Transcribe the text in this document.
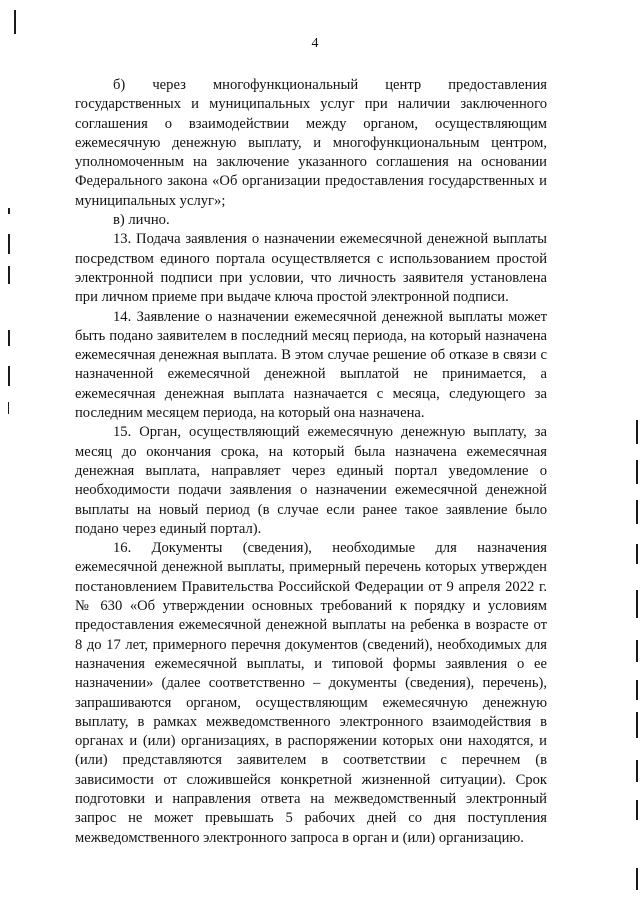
4

б) через многофункциональный центр предоставления государственных и муниципальных услуг при наличии заключенного соглашения о взаимодействии между органом, осуществляющим ежемесячную денежную выплату, и многофункциональным центром, уполномоченным на заключение указанного соглашения на основании Федерального закона «Об организации предоставления государственных и муниципальных услуг»;

в) лично.

13. Подача заявления о назначении ежемесячной денежной выплаты посредством единого портала осуществляется с использованием простой электронной подписи при условии, что личность заявителя установлена при личном приеме при выдаче ключа простой электронной подписи.

14. Заявление о назначении ежемесячной денежной выплаты может быть подано заявителем в последний месяц периода, на который назначена ежемесячная денежная выплата. В этом случае решение об отказе в связи с назначенной ежемесячной денежной выплатой не принимается, а ежемесячная денежная выплата назначается с месяца, следующего за последним месяцем периода, на который она назначена.

15. Орган, осуществляющий ежемесячную денежную выплату, за месяц до окончания срока, на который была назначена ежемесячная денежная выплата, направляет через единый портал уведомление о необходимости подачи заявления о назначении ежемесячной денежной выплаты на новый период (в случае если ранее такое заявление было подано через единый портал).

16. Документы (сведения), необходимые для назначения ежемесячной денежной выплаты, примерный перечень которых утвержден постановлением Правительства Российской Федерации от 9 апреля 2022 г. № 630 «Об утверждении основных требований к порядку и условиям предоставления ежемесячной денежной выплаты на ребенка в возрасте от 8 до 17 лет, примерного перечня документов (сведений), необходимых для назначения ежемесячной выплаты, и типовой формы заявления о ее назначении» (далее соответственно – документы (сведения), перечень), запрашиваются органом, осуществляющим ежемесячную денежную выплату, в рамках межведомственного электронного взаимодействия в органах и (или) организациях, в распоряжении которых они находятся, и (или) представляются заявителем в соответствии с перечнем (в зависимости от сложившейся конкретной жизненной ситуации). Срок подготовки и направления ответа на межведомственный электронный запрос не может превышать 5 рабочих дней со дня поступления межведомственного электронного запроса в орган и (или) организацию.
